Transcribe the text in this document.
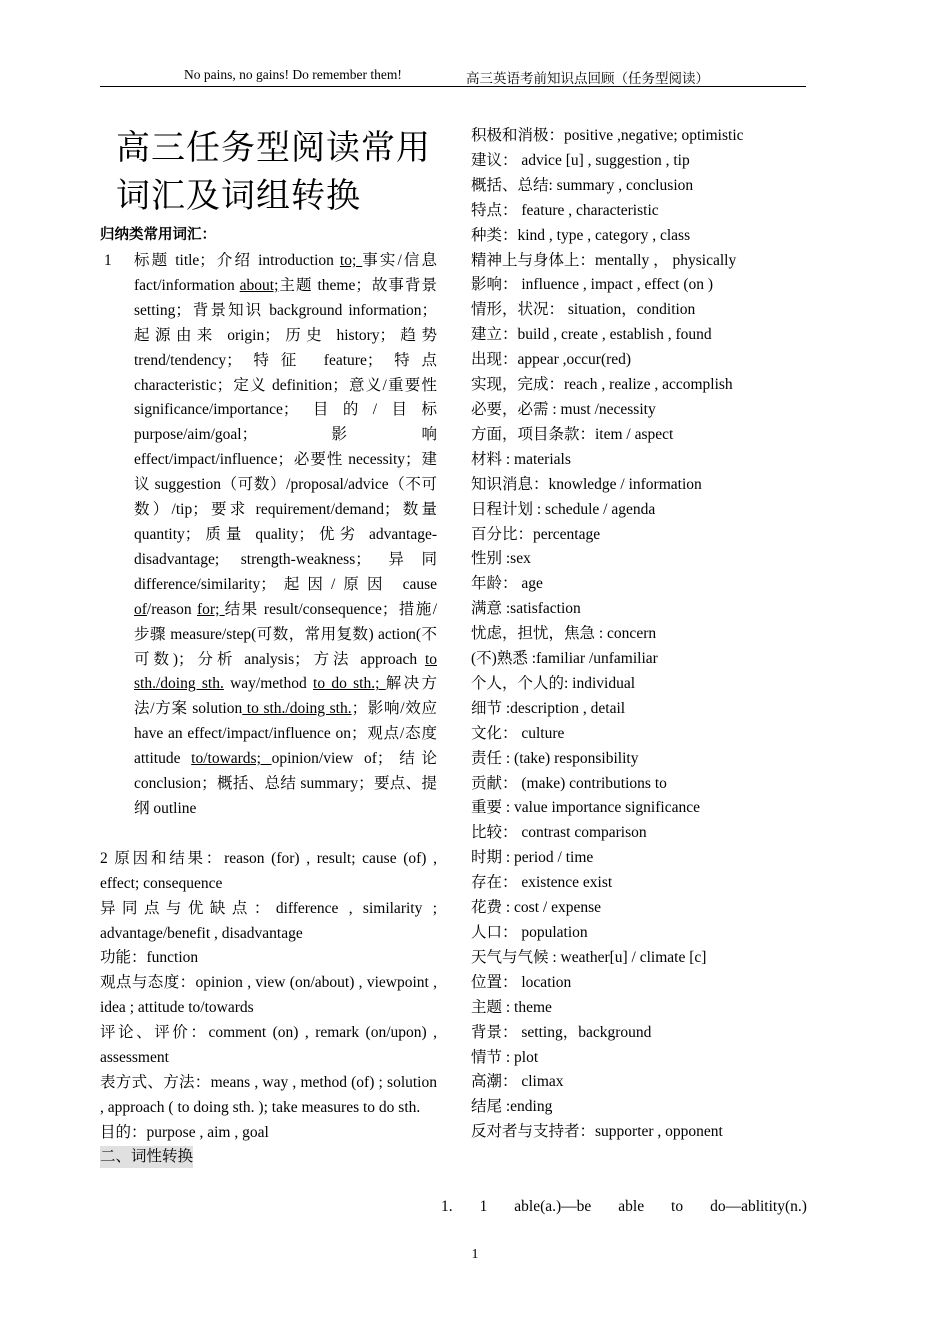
No pains, no gains! Do remember them!	高三英语考前知识点回顾（任务型阅读）
高三任务型阅读常用词汇及词组转换
归纳类常用词汇：
1	标题 title；介绍 introduction to; 事实/信息 fact/information about;主题 theme；故事背景 setting；背景知识 background information；起源由来 origin；历史 history；趋势 trend/tendency；特征 feature；特点 characteristic；定义 definition；意义/重要性 significance/importance；目的/目标 purpose/aim/goal；影响 effect/impact/influence；必要性 necessity；建议 suggestion（可数）/proposal/advice（不可数）/tip；要求 requirement/demand；数量 quantity；质量 quality；优劣 advantage-disadvantage; strength-weakness；异同 difference/similarity；起因/原因 cause of/reason for; 结果 result/consequence；措施/步骤 measure/step(可数，常用复数) action(不可数)；分析 analysis；方法 approach to sth./doing sth. way/method to do sth.; 解决方法/方案 solution to sth./doing sth.；影响/效应 have an effect/impact/influence on；观点/态度 attitude to/towards; opinion/view of；结论 conclusion；概括、总结 summary；要点、提纲 outline
2 原因和结果：reason (for) , result; cause (of) , effect; consequence
异同点与优缺点：difference , similarity ; advantage/benefit , disadvantage
功能：function
观点与态度：opinion , view (on/about) , viewpoint , idea ; attitude to/towards
评论、评价：comment (on) , remark (on/upon) , assessment
表方式、方法：means , way , method (of) ; solution , approach ( to doing sth. ); take measures to do sth.
目的：purpose , aim , goal
二、词性转换
积极和消极：positive ,negative; optimistic
建议： advice [u] , suggestion , tip
概括、总结: summary , conclusion
特点： feature , characteristic
种类：kind , type , category , class
精神上与身体上：mentally ， physically
影响： influence , impact , effect (on )
情形，状况： situation，condition
建立：build , create , establish , found
出现：appear ,occur(red)
实现，完成：reach , realize , accomplish
必要，必需 : must /necessity
方面，项目条款：item / aspect
材料 : materials
知识消息：knowledge / information
日程计划 : schedule / agenda
百分比：percentage
性别 :sex
年龄： age
满意 :satisfaction
忧虑，担忧，焦急 : concern
(不)熟悉 :familiar /unfamiliar
个人，个人的: individual
细节 :description , detail
文化： culture
责任 : (take) responsibility
贡献： (make) contributions to
重要 : value importance significance
比较： contrast comparison
时期 : period / time
存在： existence exist
花费 : cost / expense
人口： population
天气与气候 : weather[u] / climate [c]
位置： location
主题 : theme
背景： setting，background
情节 : plot
高潮： climax
结尾 :ending
反对者与支持者：supporter , opponent
1. 1 able(a.)—be able to do—ablitity(n.)
1
